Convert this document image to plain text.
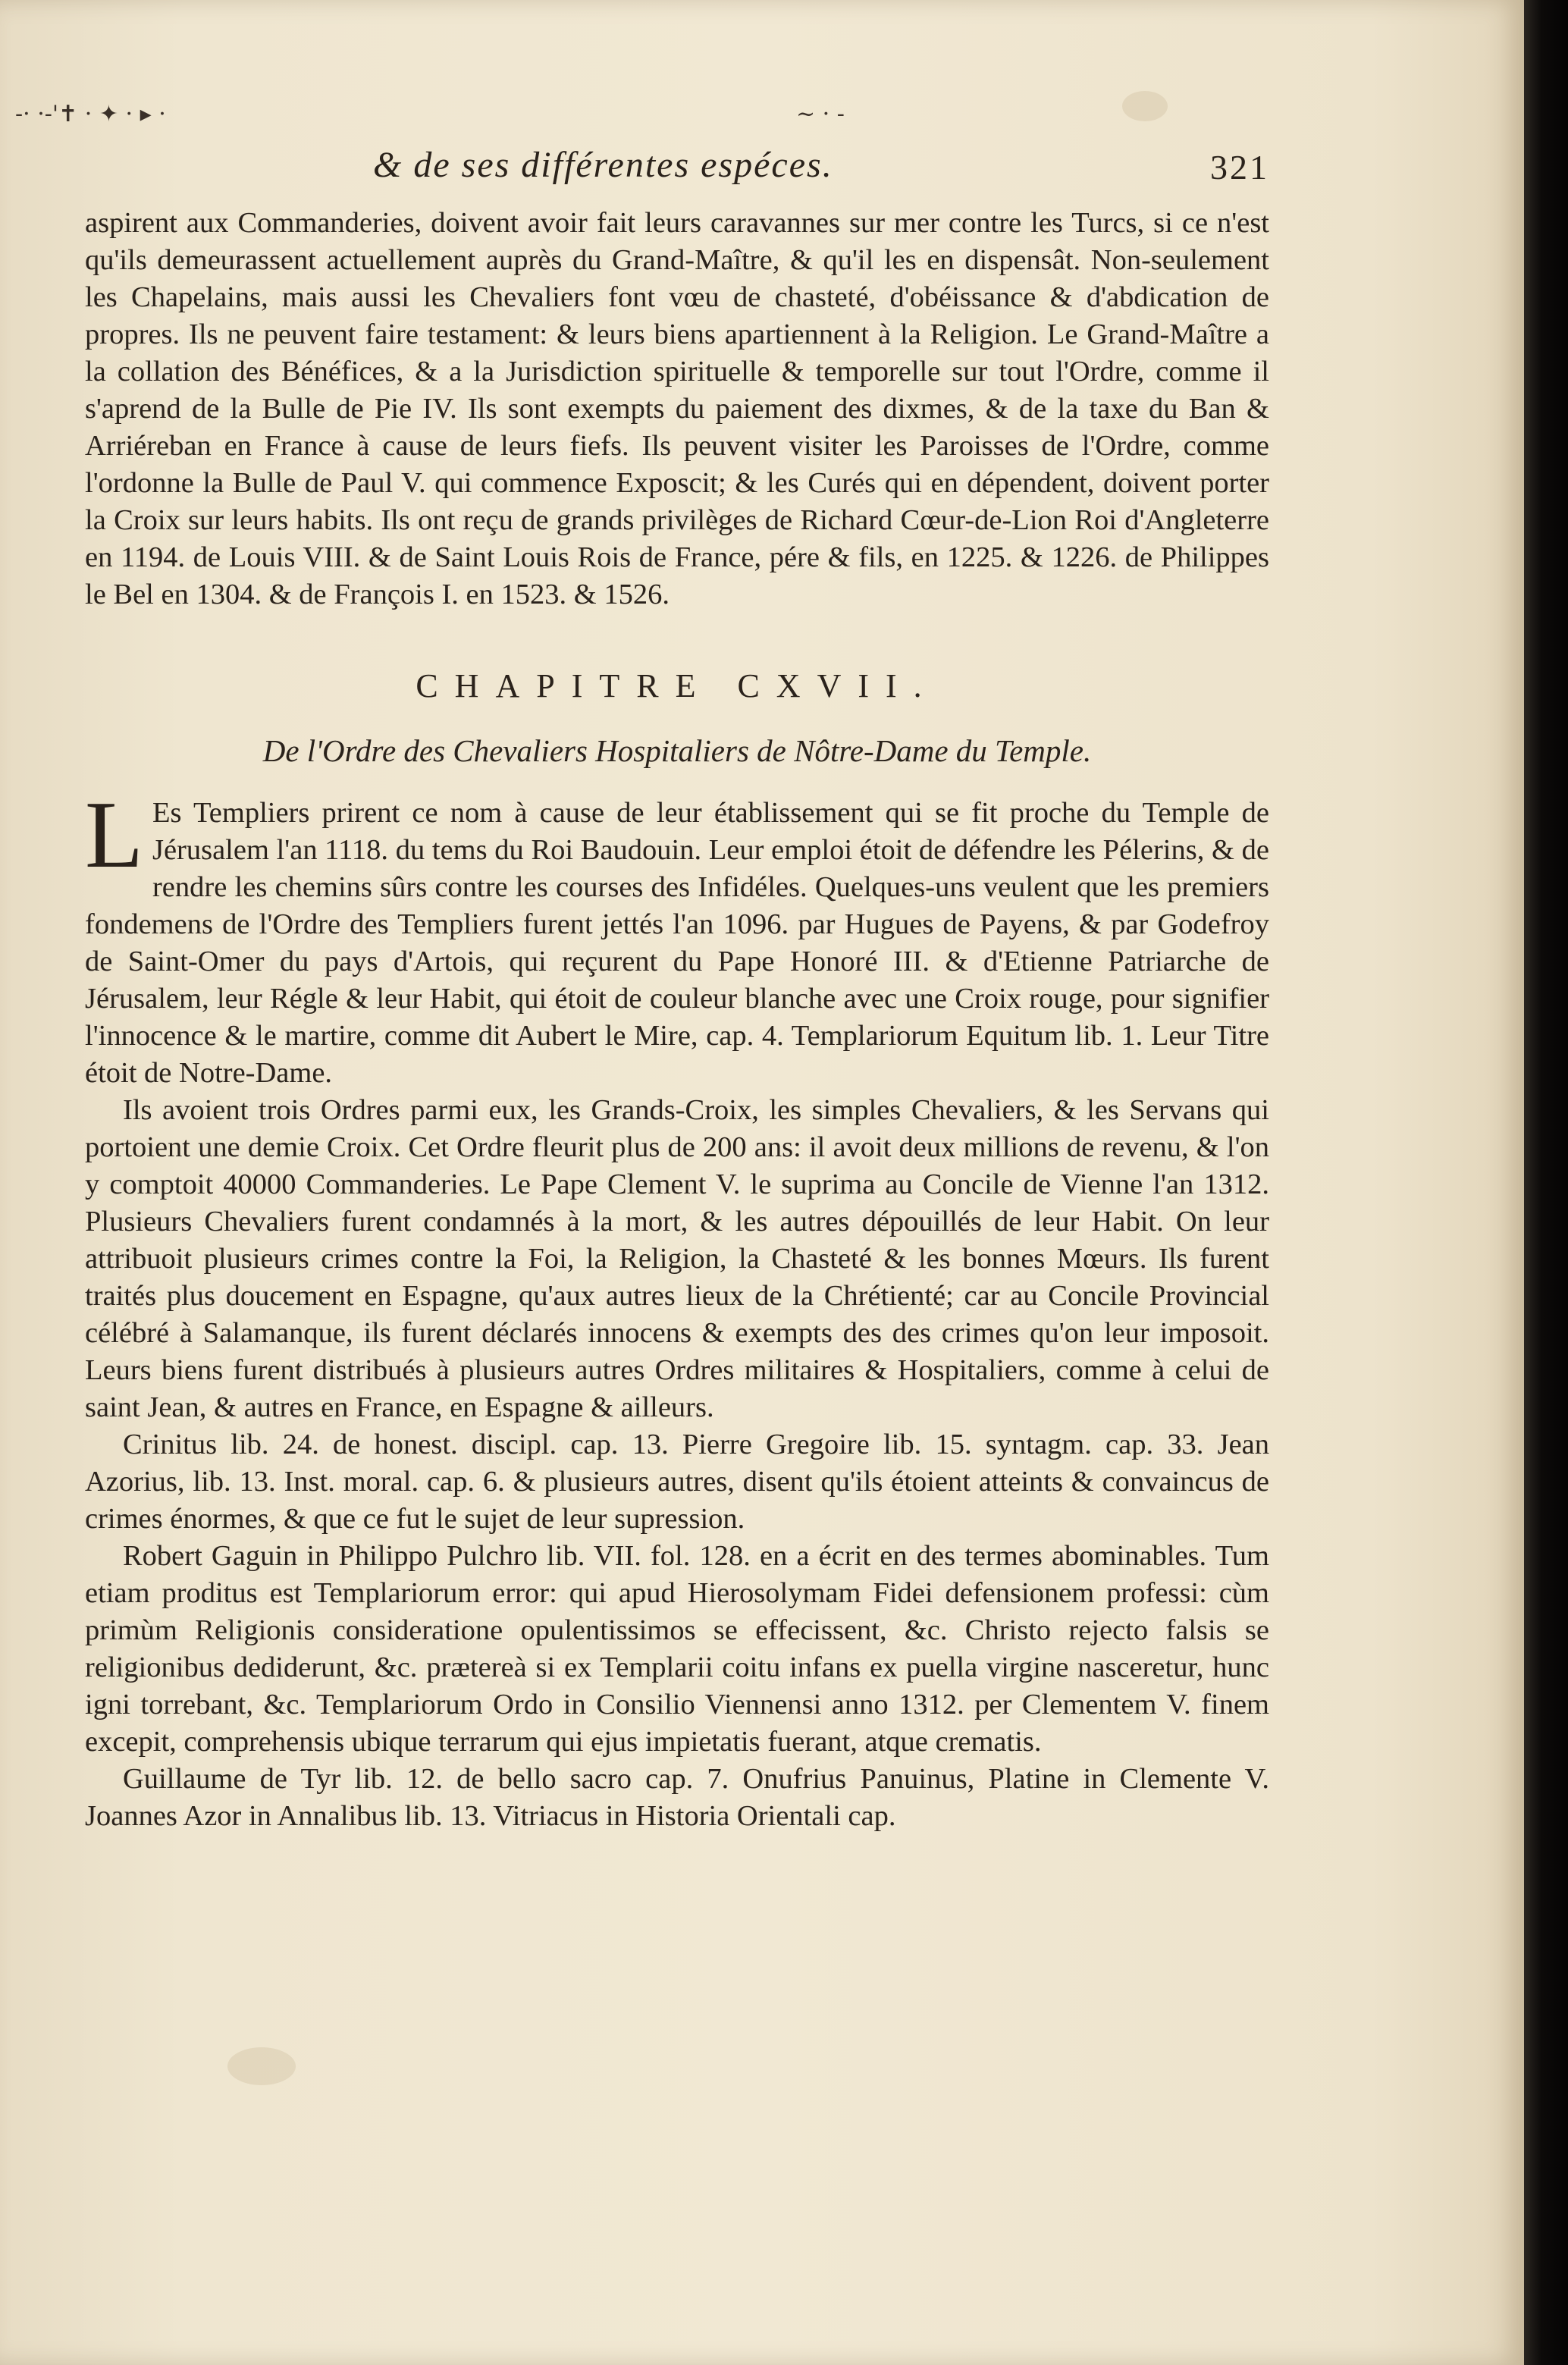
-· ·-'✝ · ✦ · ▸ ·	~ · -
& de ses différentes espéces.	321

aspirent aux Commanderies, doivent avoir fait leurs caravannes sur mer contre les Turcs, si ce n'est qu'ils demeurassent actuellement auprès du Grand-Maître, & qu'il les en dispensât. Non-seulement les Chapelains, mais aussi les Chevaliers font vœu de chasteté, d'obéissance & d'abdication de propres. Ils ne peuvent faire testament: & leurs biens apartiennent à la Religion. Le Grand-Maître a la collation des Bénéfices, & a la Jurisdiction spirituelle & temporelle sur tout l'Ordre, comme il s'aprend de la Bulle de Pie IV. Ils sont exempts du paiement des dixmes, & de la taxe du Ban & Arriéreban en France à cause de leurs fiefs. Ils peuvent visiter les Paroisses de l'Ordre, comme l'ordonne la Bulle de Paul V. qui commence Exposcit; & les Curés qui en dépendent, doivent porter la Croix sur leurs habits. Ils ont reçu de grands privilèges de Richard Cœur-de-Lion Roi d'Angleterre en 1194. de Louis VIII. & de Saint Louis Rois de France, pére & fils, en 1225. & 1226. de Philippes le Bel en 1304. & de François I. en 1523. & 1526.

CHAPITRE CXVII.
De l'Ordre des Chevaliers Hospitaliers de Nôtre-Dame du Temple.
L Es Templiers prirent ce nom à cause de leur établissement qui se fit proche du Temple de Jérusalem l'an 1118. du tems du Roi Baudouin. Leur emploi étoit de défendre les Pélerins, & de rendre les chemins sûrs contre les courses des Infidéles. Quelques-uns veulent que les premiers fondemens de l'Ordre des Templiers furent jettés l'an 1096. par Hugues de Payens, & par Godefroy de Saint-Omer du pays d'Artois, qui reçurent du Pape Honoré III. & d'Etienne Patriarche de Jérusalem, leur Régle & leur Habit, qui étoit de couleur blanche avec une Croix rouge, pour signifier l'innocence & le martire, comme dit Aubert le Mire, cap. 4. Templariorum Equitum lib. 1. Leur Titre étoit de Notre-Dame.

Ils avoient trois Ordres parmi eux, les Grands-Croix, les simples Chevaliers, & les Servans qui portoient une demie Croix. Cet Ordre fleurit plus de 200 ans: il avoit deux millions de revenu, & l'on y comptoit 40000 Commanderies. Le Pape Clement V. le suprima au Concile de Vienne l'an 1312. Plusieurs Chevaliers furent condamnés à la mort, & les autres dépouillés de leur Habit. On leur attribuoit plusieurs crimes contre la Foi, la Religion, la Chasteté & les bonnes Mœurs. Ils furent traités plus doucement en Espagne, qu'aux autres lieux de la Chrétienté; car au Concile Provincial célébré à Salamanque, ils furent déclarés innocens & exempts des des crimes qu'on leur imposoit. Leurs biens furent distribués à plusieurs autres Ordres militaires & Hospitaliers, comme à celui de saint Jean, & autres en France, en Espagne & ailleurs.

Crinitus lib. 24. de honest. discipl. cap. 13. Pierre Gregoire lib. 15. syntagm. cap. 33. Jean Azorius, lib. 13. Inst. moral. cap. 6. & plusieurs autres, disent qu'ils étoient atteints & convaincus de crimes énormes, & que ce fut le sujet de leur supression.

Robert Gaguin in Philippo Pulchro lib. VII. fol. 128. en a écrit en des termes abominables. Tum etiam proditus est Templariorum error: qui apud Hierosolymam Fidei defensionem professi: cùm primùm Religionis consideratione opulentissimos se effecissent, &c. Christo rejecto falsis se religionibus dediderunt, &c. prætereà si ex Templarii coitu infans ex puella virgine nasceretur, hunc igni torrebant, &c. Templariorum Ordo in Consilio Viennensi anno 1312. per Clementem V. finem excepit, comprehensis ubique terrarum qui ejus impietatis fuerant, atque crematis.

Guillaume de Tyr lib. 12. de bello sacro cap. 7. Onufrius Panuinus, Platine in Clemente V. Joannes Azor in Annalibus lib. 13. Vitriacus in Historia Orientali cap.
